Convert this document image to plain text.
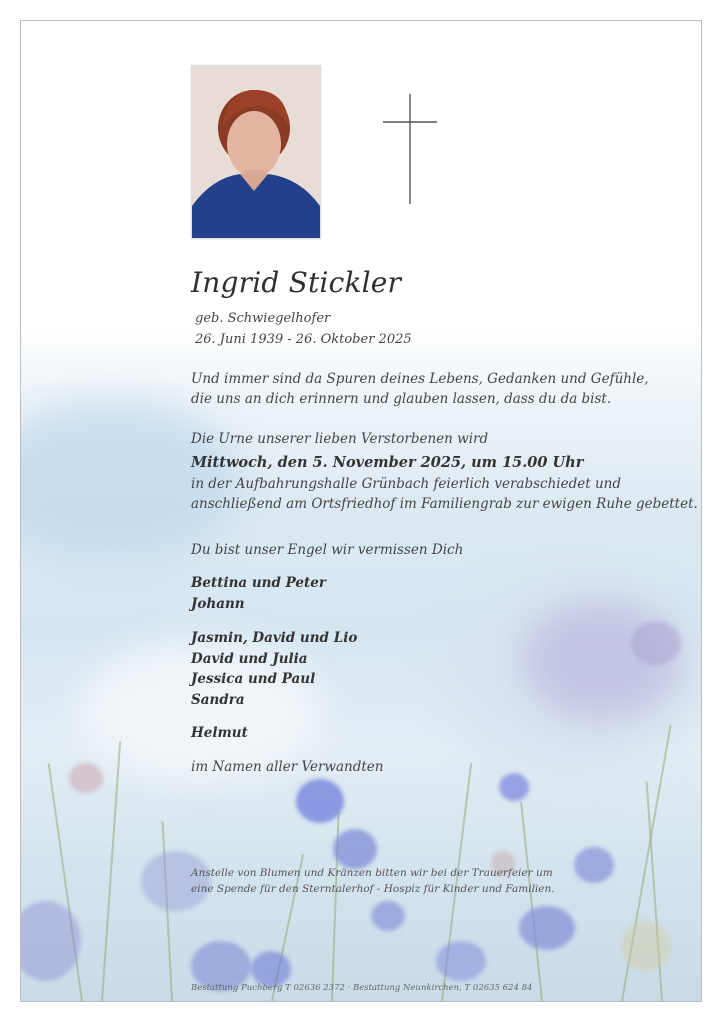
Ingrid Stickler
geb. Schwiegelhofer
26. Juni 1939 - 26. Oktober 2025
Und immer sind da Spuren deines Lebens, Gedanken und Gefühle,
die uns an dich erinnern und glauben lassen, dass du da bist.
Die Urne unserer lieben Verstorbenen wird
Mittwoch, den 5. November 2025, um 15.00 Uhr
in der Aufbahrungshalle Grünbach feierlich verabschiedet und
anschließend am Ortsfriedhof im Familiengrab zur ewigen Ruhe gebettet.
Du bist unser Engel wir vermissen Dich
Bettina und Peter
Johann
Jasmin, David und Lio
David und Julia
Jessica und Paul
Sandra
Helmut
im Namen aller Verwandten
Anstelle von Blumen und Kränzen bitten wir bei der Trauerfeier um
eine Spende für den Sterntalerhof - Hospiz für Kinder und Familien.
Bestattung Puchberg T 02636 2372 · Bestattung Neunkirchen, T 02635 624 84
